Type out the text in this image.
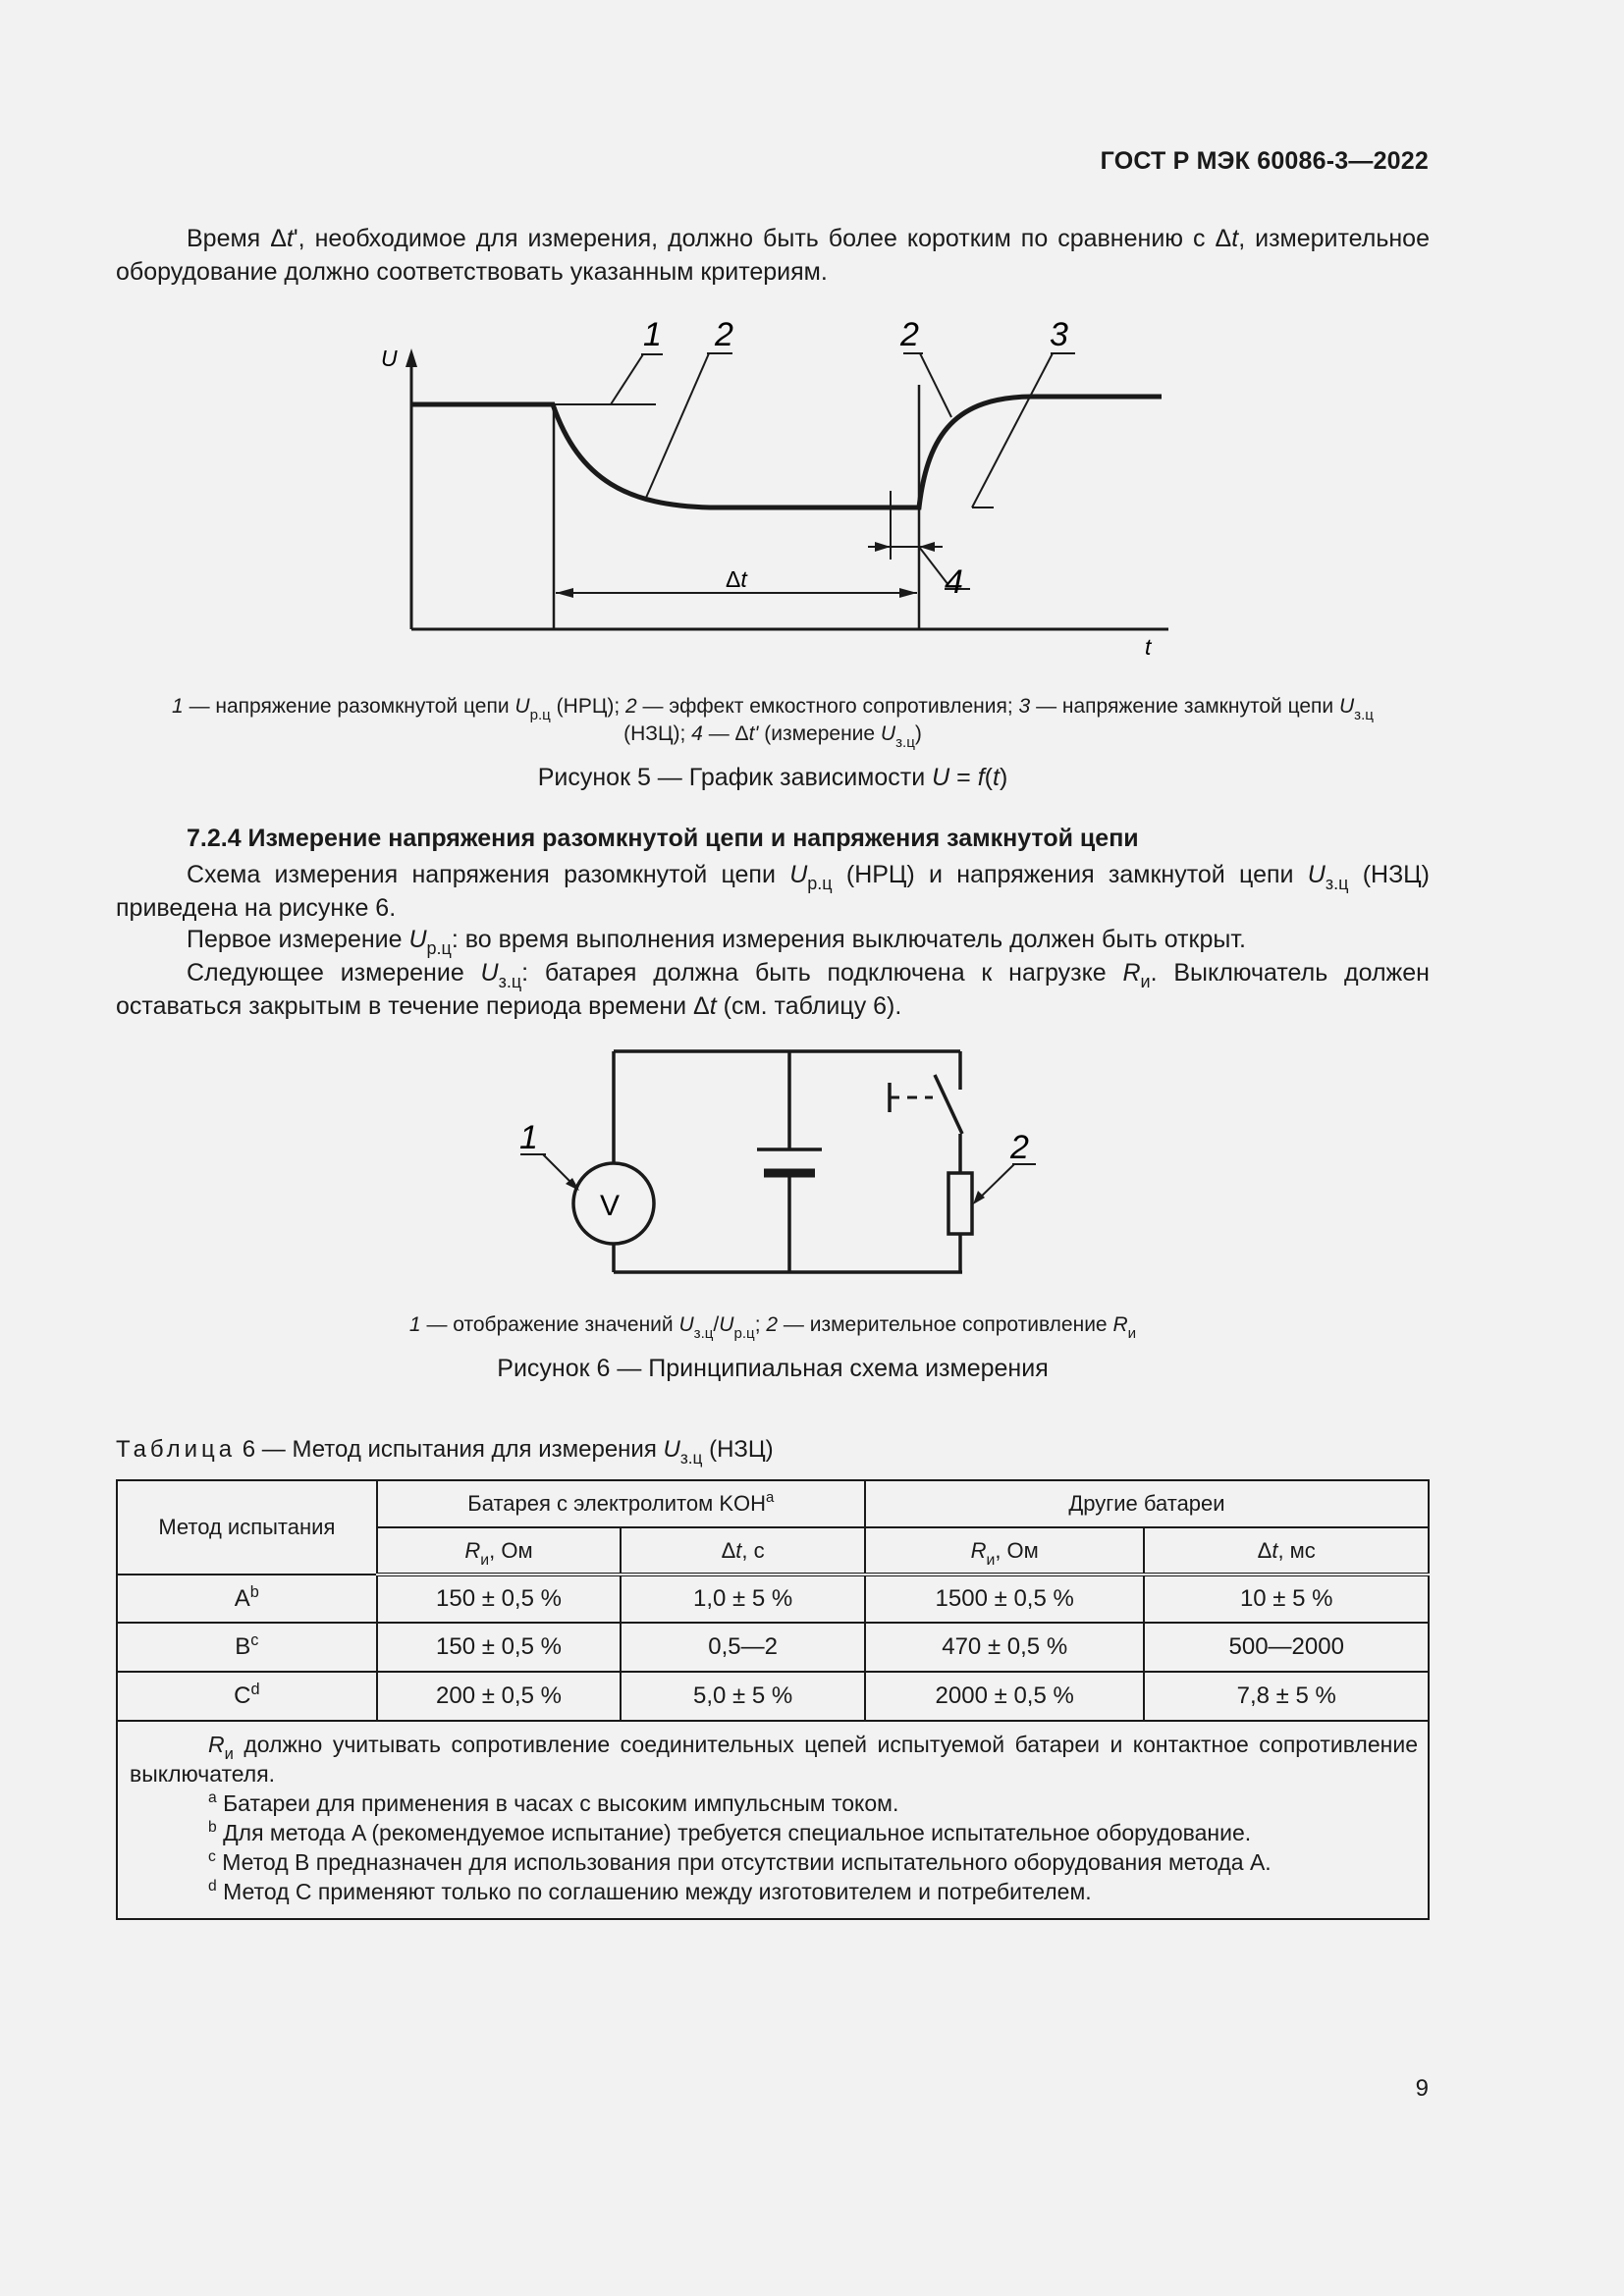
ГОСТ Р МЭК 60086-3—2022
Время Δt', необходимое для измерения, должно быть более коротким по сравнению с Δt, измерительное оборудование должно соответствовать указанным критериям.
U
t
Δt
1 2	2	3
4
1 — напряжение разомкнутой цепи $U_{р.ц}$ (НРЦ); 2 — эффект емкостного сопротивления; 3 — напряжение замкнутой цепи $U_{з.ц}$
(НЗЦ); 4 — Δt' (измерение $U_{з.ц}$)
Рисунок 5 — График зависимости U = f(t)
7.2.4 Измерение напряжения разомкнутой цепи и напряжения замкнутой цепи
Схема измерения напряжения разомкнутой цепи $U_{р.ц}$ (НРЦ) и напряжения замкнутой цепи $U_{з.ц}$ (НЗЦ) приведена на рисунке 6.
Первое измерение $U_{р.ц}$: во время выполнения измерения выключатель должен быть открыт.
Следующее измерение $U_{з.ц}$: батарея должна быть подключена к нагрузке $R_и$. Выключатель должен оставаться закрытым в течение периода времени Δt (см. таблицу 6).
V
1	2
1 — отображение значений $U_{з.ц}/U_{р.ц}$; 2 — измерительное сопротивление $R_и$
Рисунок 6 — Принципиальная схема измерения
Таблица 6 — Метод испытания для измерения $U_{з.ц}$ (НЗЦ)
Метод испытания	Батарея с электролитом KOH$^a$		Другие батареи	
	$R_и$, Ом	Δt, с	$R_и$, Ом	Δt, мс
$A^b$	150 ± 0,5 %	1,0 ± 5 %	1500 ± 0,5 %	10 ± 5 %
$B^c$	150 ± 0,5 %	0,5—2	470 ± 0,5 %	500—2000
$C^d$	200 ± 0,5 %	5,0 ± 5 %	2000 ± 0,5 %	7,8 ± 5 %

$R_и$ должно учитывать сопротивление соединительных цепей испытуемой батареи и контактное сопротивление выключателя.
$^a$ Батареи для применения в часах с высоким импульсным током.
$^b$ Для метода A (рекомендуемое испытание) требуется специальное испытательное оборудование.
$^c$ Метод B предназначен для использования при отсутствии испытательного оборудования метода A.
$^d$ Метод C применяют только по соглашению между изготовителем и потребителем.				
9
